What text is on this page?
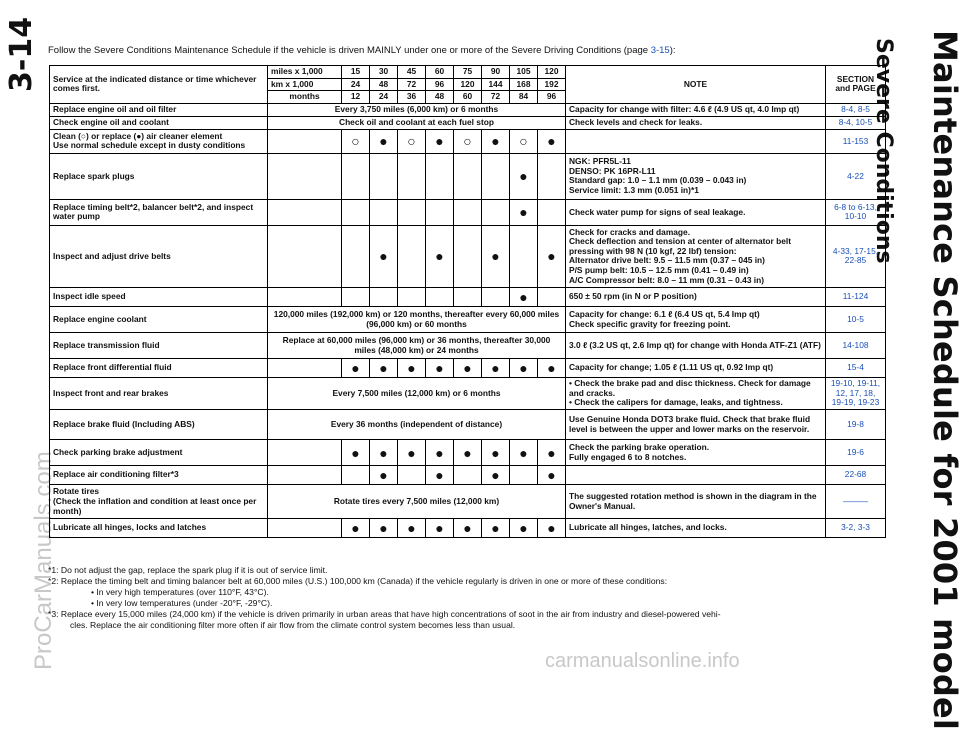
3-14
ProCarManuals.com	Maintenance Schedule for 2001 model
Severe Conditions
carmanualsonline.info
Follow the Severe Conditions Maintenance Schedule if the vehicle is driven MAINLY under one or more of the Severe Driving Conditions (page 3-15):
Service at the indicated distance or time whichever comes first.	miles x 1,000	15	30	45	60	75	90	105	120	NOTE	SECTION and PAGE
	km x 1,000	24	48	72	96	120	144	168	192		
	months	12	24	36	48	60	72	84	96		

Replace engine oil and oil filter	Every 3,750 miles (6,000 km) or 6 months									Capacity for change with filter: 4.6 ℓ (4.9 US qt, 4.0 Imp qt)	8-4, 8-5

Check engine oil and coolant	Check oil and coolant at each fuel stop									Check levels and check for leaks.	8-4, 10-5

Clean (○) or replace (●) air cleaner element
Use normal schedule except in dusty conditions		○	●	○	●	○	●	○	●		11-153

Replace spark plugs								●		NGK: PFR5L-11
DENSO: PK 16PR-L11
Standard gap: 1.0 – 1.1 mm (0.039 – 0.043 in)
Service limit: 1.3 mm (0.051 in)*1	4-22

Replace timing belt*2, balancer belt*2, and inspect water pump								●		Check water pump for signs of seal leakage.	6-8 to 6-13, 10-10

Inspect and adjust drive belts			●		●		●		●	Check for cracks and damage.
Check deflection and tension at center of alternator belt pressing with 98 N (10 kgf, 22 lbf) tension:
Alternator drive belt: 9.5 – 11.5 mm (0.37 – 045 in)
P/S pump belt: 10.5 – 12.5 mm (0.41 – 0.49 in)
A/C Compressor belt: 8.0 – 11 mm (0.31 – 0.43 in)	4-33, 17-15, 22-85

Inspect idle speed								●		650 ± 50 rpm (in N or P position)	11-124

Replace engine coolant	120,000 miles (192,000 km) or 120 months, thereafter every 60,000 miles (96,000 km) or 60 months									Capacity for change: 6.1 ℓ (6.4 US qt, 5.4 Imp qt)
Check specific gravity for freezing point.	10-5

Replace transmission fluid	Replace at 60,000 miles (96,000 km) or 36 months, thereafter 30,000 miles (48,000 km) or 24 months									3.0 ℓ (3.2 US qt, 2.6 Imp qt) for change with Honda ATF-Z1 (ATF)	14-108

Replace front differential fluid		●	●	●	●	●	●	●	●	Capacity for change; 1.05 ℓ (1.11 US qt, 0.92 Imp qt)	15-4

Inspect front and rear brakes	Every 7,500 miles (12,000 km) or 6 months									• Check the brake pad and disc thickness. Check for damage and cracks.
• Check the calipers for damage, leaks, and tightness.	19-10, 19-11, 12, 17, 18, 19-19, 19-23

Replace brake fluid (Including ABS)	Every 36 months (independent of distance)									Use Genuine Honda DOT3 brake fluid. Check that brake fluid level is between the upper and lower marks on the reservoir.	19-8

Check parking brake adjustment		●	●	●	●	●	●	●	●	Check the parking brake operation.
Fully engaged 6 to 8 notches.	19-6

Replace air conditioning filter*3			●		●		●		●		22-68

Rotate tires
(Check the inflation and condition at least once per month)	Rotate tires every 7,500 miles (12,000 km)									The suggested rotation method is shown in the diagram in the Owner's Manual.	———

Lubricate all hinges, locks and latches		●	●	●	●	●	●	●	●	Lubricate all hinges, latches, and locks.	3-2, 3-3
*1: Do not adjust the gap, replace the spark plug if it is out of service limit.
*2: Replace the timing belt and timing balancer belt at 60,000 miles (U.S.) 100,000 km (Canada) if the vehicle regularly is driven in one or more of these conditions:
• In very high temperatures (over 110°F, 43°C).
• In very low temperatures (under -20°F, -29°C).
*3: Replace every 15,000 miles (24,000 km) if the vehicle is driven primarily in urban areas that have high concentrations of soot in the air from industry and diesel-powered vehi-
cles. Replace the air conditioning filter more often if air flow from the climate control system becomes less than usual.
